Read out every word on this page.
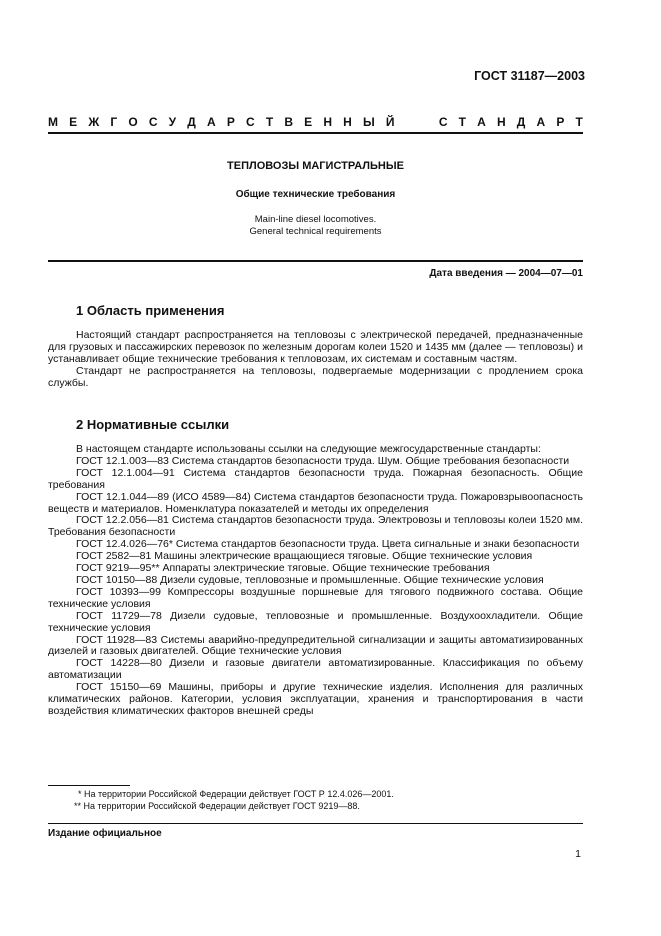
ГОСТ 31187—2003
М Е Ж Г О С У Д А Р С Т В Е Н Н Ы Й	С Т А Н Д А Р Т
ТЕПЛОВОЗЫ МАГИСТРАЛЬНЫЕ
Общие технические требования
Main-line diesel locomotives.
General technical requirements
Дата введения — 2004—07—01
1 Область применения

Настоящий стандарт распространяется на тепловозы с электрической передачей, предназначенные для грузовых и пассажирских перевозок по железным дорогам колеи 1520 и 1435 мм (далее — тепловозы) и устанавливает общие технические требования к тепловозам, их системам и составным частям.

Стандарт не распространяется на тепловозы, подвергаемые модернизации с продлением срока службы.

2 Нормативные ссылки

В настоящем стандарте использованы ссылки на следующие межгосударственные стандарты:

ГОСТ 12.1.003—83 Система стандартов безопасности труда. Шум. Общие требования безопасности

ГОСТ 12.1.004—91 Система стандартов безопасности труда. Пожарная безопасность. Общие требования

ГОСТ 12.1.044—89 (ИСО 4589—84) Система стандартов безопасности труда. Пожаровзрывоопасность веществ и материалов. Номенклатура показателей и методы их определения

ГОСТ 12.2.056—81 Система стандартов безопасности труда. Электровозы и тепловозы колеи 1520 мм. Требования безопасности

ГОСТ 12.4.026—76* Система стандартов безопасности труда. Цвета сигнальные и знаки безопасности

ГОСТ 2582—81 Машины электрические вращающиеся тяговые. Общие технические условия

ГОСТ 9219—95** Аппараты электрические тяговые. Общие технические требования

ГОСТ 10150—88 Дизели судовые, тепловозные и промышленные. Общие технические условия

ГОСТ 10393—99 Компрессоры воздушные поршневые для тягового подвижного состава. Общие технические условия

ГОСТ 11729—78 Дизели судовые, тепловозные и промышленные. Воздухоохладители. Общие технические условия

ГОСТ 11928—83 Системы аварийно-предупредительной сигнализации и защиты автоматизированных дизелей и газовых двигателей. Общие технические условия

ГОСТ 14228—80 Дизели и газовые двигатели автоматизированные. Классификация по объему автоматизации

ГОСТ 15150—69 Машины, приборы и другие технические изделия. Исполнения для различных климатических районов. Категории, условия эксплуатации, хранения и транспортирования в части воздействия климатических факторов внешней среды

* На территории Российской Федерации действует ГОСТ Р 12.4.026—2001.
** На территории Российской Федерации действует ГОСТ 9219—88.
Издание официальное
1
